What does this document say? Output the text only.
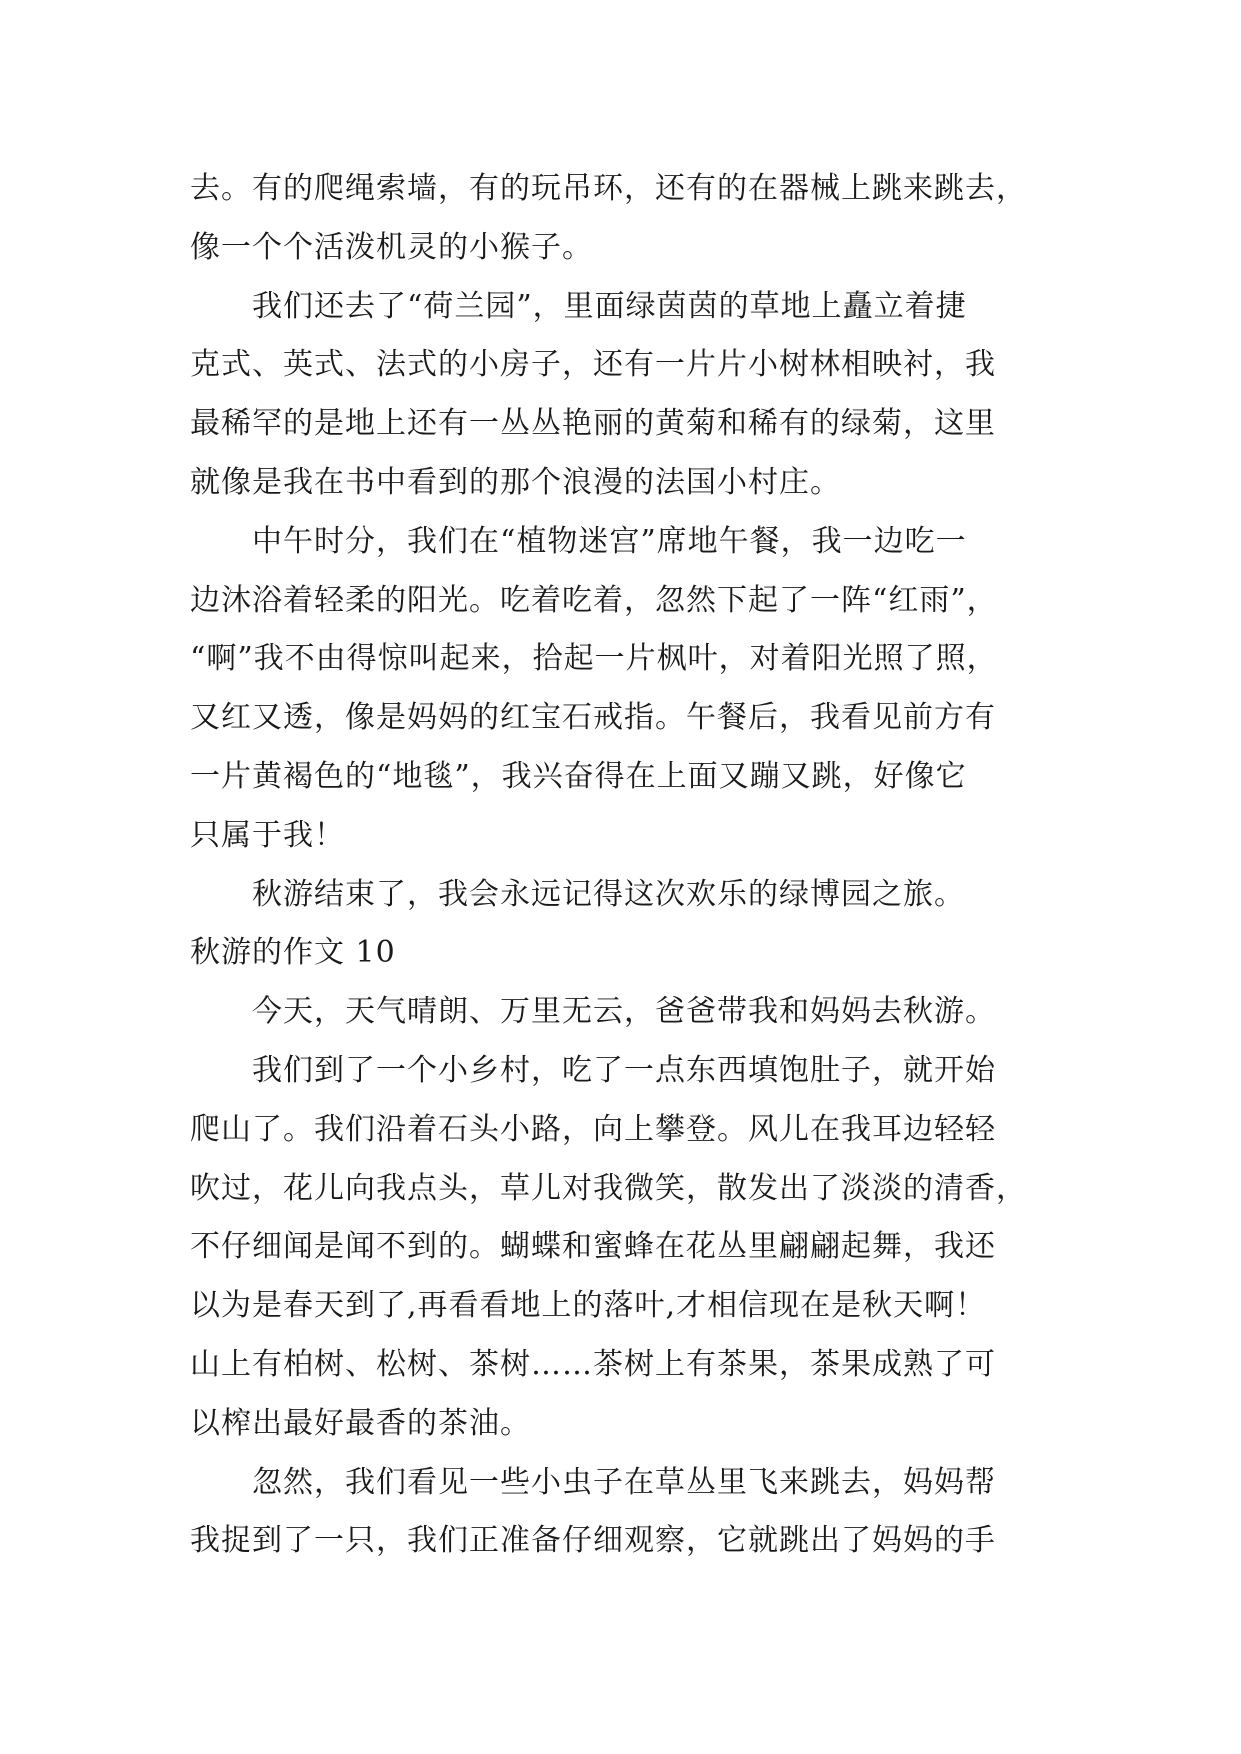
去。有的爬绳索墙，有的玩吊环，还有的在器械上跳来跳去，
像一个个活泼机灵的小猴子。
我们还去了“荷兰园”，里面绿茵茵的草地上矗立着捷
克式、英式、法式的小房子，还有一片片小树林相映衬，我
最稀罕的是地上还有一丛丛艳丽的黄菊和稀有的绿菊，这里
就像是我在书中看到的那个浪漫的法国小村庄。
中午时分，我们在“植物迷宫”席地午餐，我一边吃一
边沐浴着轻柔的阳光。吃着吃着，忽然下起了一阵“红雨”，
“啊”我不由得惊叫起来，拾起一片枫叶，对着阳光照了照，
又红又透，像是妈妈的红宝石戒指。午餐后，我看见前方有
一片黄褐色的“地毯”，我兴奋得在上面又蹦又跳，好像它
只属于我！
秋游结束了，我会永远记得这次欢乐的绿博园之旅。
秋游的作文 10
今天，天气晴朗、万里无云，爸爸带我和妈妈去秋游。
我们到了一个小乡村，吃了一点东西填饱肚子，就开始
爬山了。我们沿着石头小路，向上攀登。风儿在我耳边轻轻
吹过，花儿向我点头，草儿对我微笑，散发出了淡淡的清香，
不仔细闻是闻不到的。蝴蝶和蜜蜂在花丛里翩翩起舞，我还
以为是春天到了,再看看地上的落叶,才相信现在是秋天啊！
山上有柏树、松树、茶树……茶树上有茶果，茶果成熟了可
以榨出最好最香的茶油。
忽然，我们看见一些小虫子在草丛里飞来跳去，妈妈帮
我捉到了一只，我们正准备仔细观察，它就跳出了妈妈的手
